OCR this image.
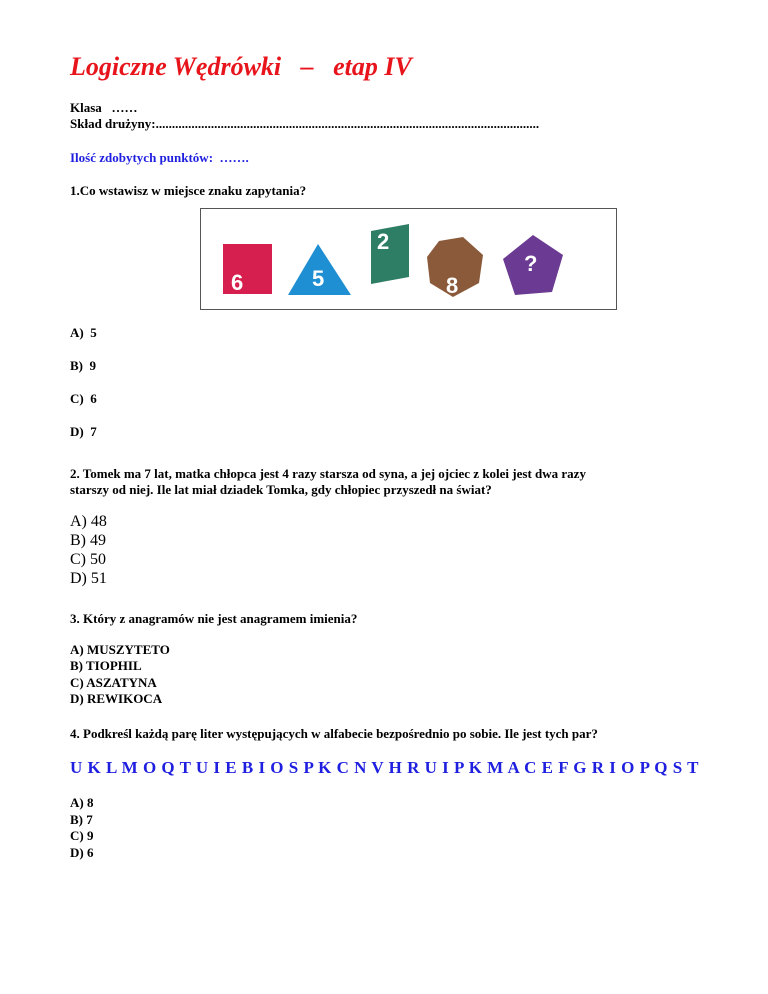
Logiczne Wędrówki   –   etap IV
Klasa   ……
Skład drużyny:......................................................................................................................
Ilość zdobytych punktów:  …….
1.Co wstawisz w miejsce znaku zapytania?
6	5
2
8
?
A)  5
B)  9
C)  6
D)  7
2. Tomek ma 7 lat, matka chłopca jest 4 razy starsza od syna, a jej ojciec z kolei jest dwa razy
starszy od niej. Ile lat miał dziadek Tomka, gdy chłopiec przyszedł na świat?
A) 48
B) 49
C) 50
D) 51
3. Który z anagramów nie jest anagramem imienia?
A) MUSZYTETO
B) TIOPHIL
C) ASZATYNA
D) REWIKOCA
4. Podkreśl każdą parę liter występujących w alfabecie bezpośrednio po sobie. Ile jest tych par?
U K L M O Q T U I E B I O S P K C N V H R U I P K M A C E F G R I O P Q S T
A) 8
B) 7
C) 9
D) 6
